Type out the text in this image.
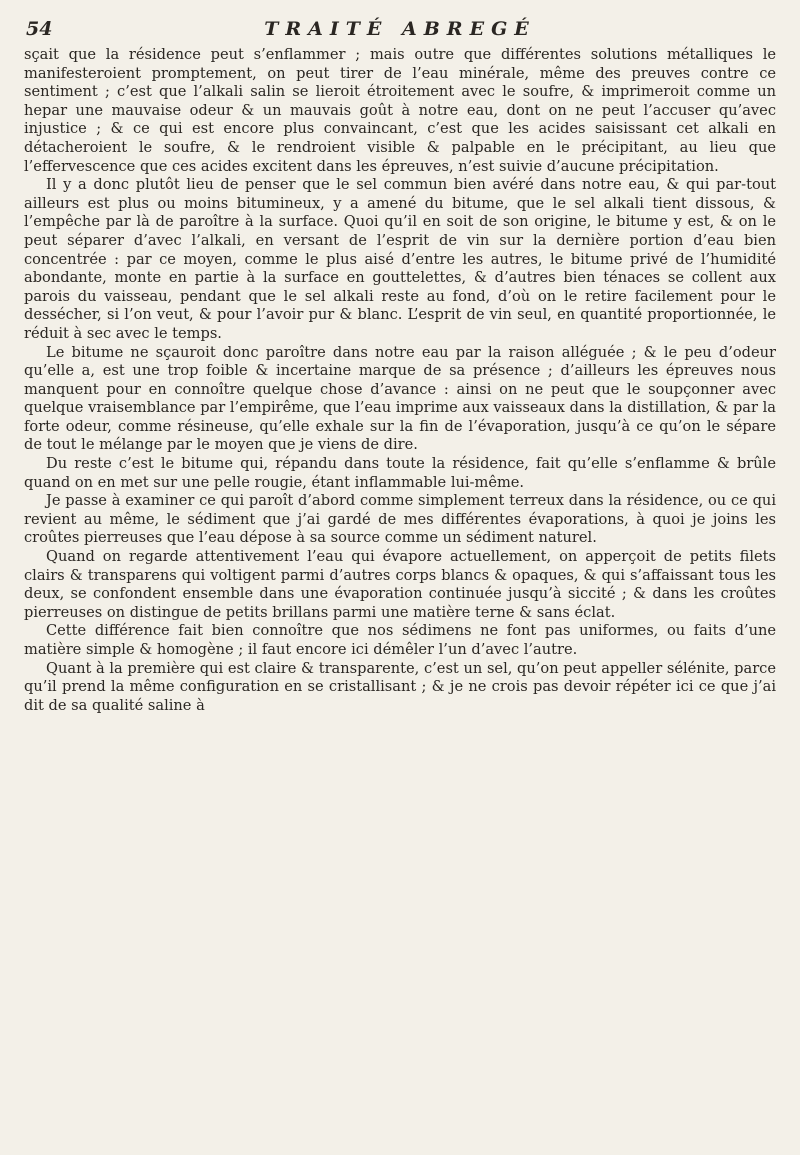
54	TRAITÉ ABREGÉ

sçait que la résidence peut s’enflammer ; mais outre que différentes solutions métalliques le manifesteroient promptement, on peut tirer de l’eau minérale, même des preuves contre ce sentiment ; c’est que l’alkali salin se lieroit étroitement avec le soufre, & imprimeroit comme un hepar une mauvaise odeur & un mauvais goût à notre eau, dont on ne peut l’accuser qu’avec injustice ; & ce qui est encore plus convaincant, c’est que les acides saisissant cet alkali en détacheroient le soufre, & le rendroient visible & palpable en le précipitant, au lieu que l’effervescence que ces acides excitent dans les épreuves, n’est suivie d’aucune précipitation.

Il y a donc plutôt lieu de penser que le sel commun bien avéré dans notre eau, & qui par-tout ailleurs est plus ou moins bitumineux, y a amené du bitume, que le sel alkali tient dissous, & l’empêche par là de paroître à la surface. Quoi qu’il en soit de son origine, le bitume y est, & on le peut séparer d’avec l’alkali, en versant de l’esprit de vin sur la dernière portion d’eau bien concentrée : par ce moyen, comme le plus aisé d’entre les autres, le bitume privé de l’humidité abondante, monte en partie à la surface en gouttelettes, & d’autres bien ténaces se collent aux parois du vaisseau, pendant que le sel alkali reste au fond, d’où on le retire facilement pour le dessécher, si l’on veut, & pour l’avoir pur & blanc. L’esprit de vin seul, en quantité proportionnée, le réduit à sec avec le temps.

Le bitume ne sçauroit donc paroître dans notre eau par la raison alléguée ; & le peu d’odeur qu’elle a, est une trop foible & incertaine marque de sa présence ; d’ailleurs les épreuves nous manquent pour en connoître quelque chose d’avance : ainsi on ne peut que le soupçonner avec quelque vraisemblance par l’empirême, que l’eau imprime aux vaisseaux dans la distillation, & par la forte odeur, comme résineuse, qu’elle exhale sur la fin de l’évaporation, jusqu’à ce qu’on le sépare de tout le mélange par le moyen que je viens de dire.

Du reste c’est le bitume qui, répandu dans toute la résidence, fait qu’elle s’enflamme & brûle quand on en met sur une pelle rougie, étant inflammable lui-même.

Je passe à examiner ce qui paroît d’abord comme simplement terreux dans la résidence, ou ce qui revient au même, le sédiment que j’ai gardé de mes différentes évaporations, à quoi je joins les croûtes pierreuses que l’eau dépose à sa source comme un sédiment naturel.

Quand on regarde attentivement l’eau qui évapore actuellement, on apperçoit de petits filets clairs & transparens qui voltigent parmi d’autres corps blancs & opaques, & qui s’affaissant tous les deux, se confondent ensemble dans une évaporation continuée jusqu’à siccité ; & dans les croûtes pierreuses on distingue de petits brillans parmi une matière terne & sans éclat.

Cette différence fait bien connoître que nos sédimens ne font pas uniformes, ou faits d’une matière simple & homogène ; il faut encore ici démêler l’un d’avec l’autre.

Quant à la première qui est claire & transparente, c’est un sel, qu’on peut appeller sélénite, parce qu’il prend la même configuration en se cristallisant ; & je ne crois pas devoir répéter ici ce que j’ai dit de sa qualité saline à
